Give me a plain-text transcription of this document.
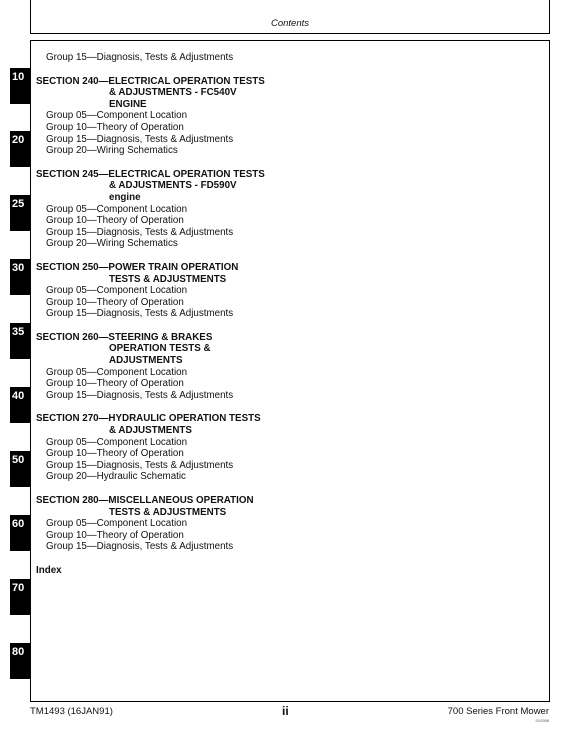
Contents
10
20
25
30
35
40
50
60
70
80
Group 15—Diagnosis, Tests & Adjustments
SECTION 240—ELECTRICAL OPERATION TESTS
& ADJUSTMENTS - FC540V
ENGINE
Group 05—Component Location
Group 10—Theory of Operation
Group 15—Diagnosis, Tests & Adjustments
Group 20—Wiring Schematics
SECTION 245—ELECTRICAL OPERATION TESTS
& ADJUSTMENTS - FD590V
engine
Group 05—Component Location
Group 10—Theory of Operation
Group 15—Diagnosis, Tests & Adjustments
Group 20—Wiring Schematics
SECTION 250—POWER TRAIN OPERATION
TESTS & ADJUSTMENTS
Group 05—Component Location
Group 10—Theory of Operation
Group 15—Diagnosis, Tests & Adjustments
SECTION 260—STEERING & BRAKES
OPERATION TESTS &
ADJUSTMENTS
Group 05—Component Location
Group 10—Theory of Operation
Group 15—Diagnosis, Tests & Adjustments
SECTION 270—HYDRAULIC OPERATION TESTS
& ADJUSTMENTS
Group 05—Component Location
Group 10—Theory of Operation
Group 15—Diagnosis, Tests & Adjustments
Group 20—Hydraulic Schematic
SECTION 280—MISCELLANEOUS OPERATION
TESTS & ADJUSTMENTS
Group 05—Component Location
Group 10—Theory of Operation
Group 15—Diagnosis, Tests & Adjustments
Index
TM1493 (16JAN91)	ii	700 Series Front Mower
010398
